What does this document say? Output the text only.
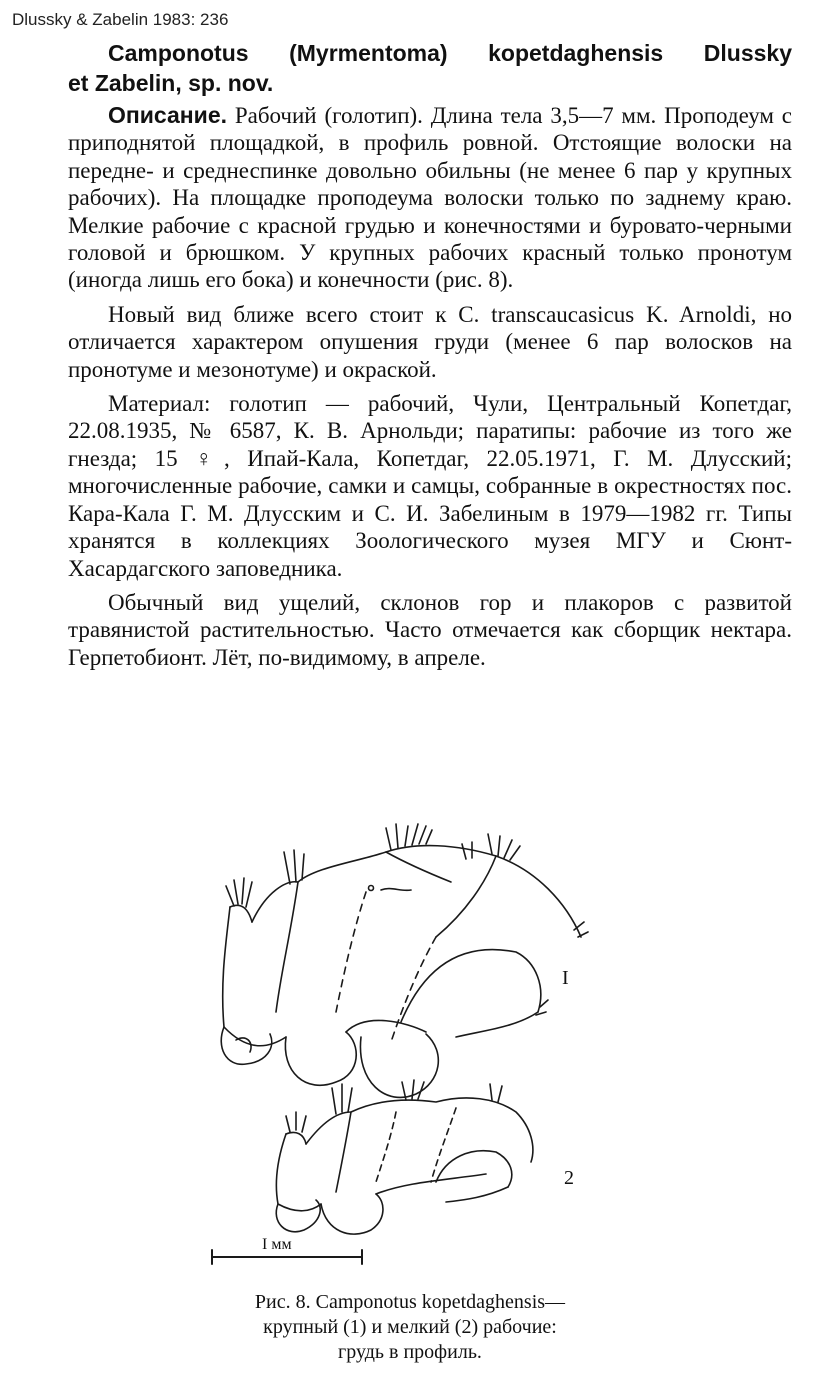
Dlussky & Zabelin 1983: 236
Camponotus (Myrmentoma) kopetdaghensis Dlussky
et Zabelin, sp. nov.

Описание. Рабочий (голотип). Длина тела 3,5—7 мм. Проподеум с приподнятой площадкой, в профиль ровной. Отстоящие волоски на передне- и среднеспинке довольно обильны (не менее 6 пар у крупных рабочих). На площадке проподеума волоски только по заднему краю. Мелкие рабочие с красной грудью и конечностями и буровато-черными головой и брюшком. У крупных рабочих красный только пронотум (иногда лишь его бока) и конечности (рис. 8).

Новый вид ближе всего стоит к C. transcaucasicus K. Arnoldi, но отличается характером опушения груди (менее 6 пар волосков на пронотуме и мезонотуме) и окраской.

Материал: голотип — рабочий, Чули, Центральный Копетдаг, 22.08.1935, № 6587, К. В. Арнольди; паратипы: рабочие из того же гнезда; 15 ♀, Ипай-Кала, Копетдаг, 22.05.1971, Г. М. Длусский; многочисленные рабочие, самки и самцы, собранные в окрестностях пос. Кара-Кала Г. М. Длусским и С. И. Забелиным в 1979—1982 гг. Типы хранятся в коллекциях Зоологического музея МГУ и Сюнт-Хасардагского заповедника.

Обычный вид ущелий, склонов гор и плакоров с развитой травянистой растительностью. Часто отмечается как сборщик нектара. Герпетобионт. Лёт, по-видимому, в апреле.

I
2
I мм
Рис. 8. Camponotus kopetdaghensis—
крупный (1) и мелкий (2) рабочие:
грудь в профиль.
